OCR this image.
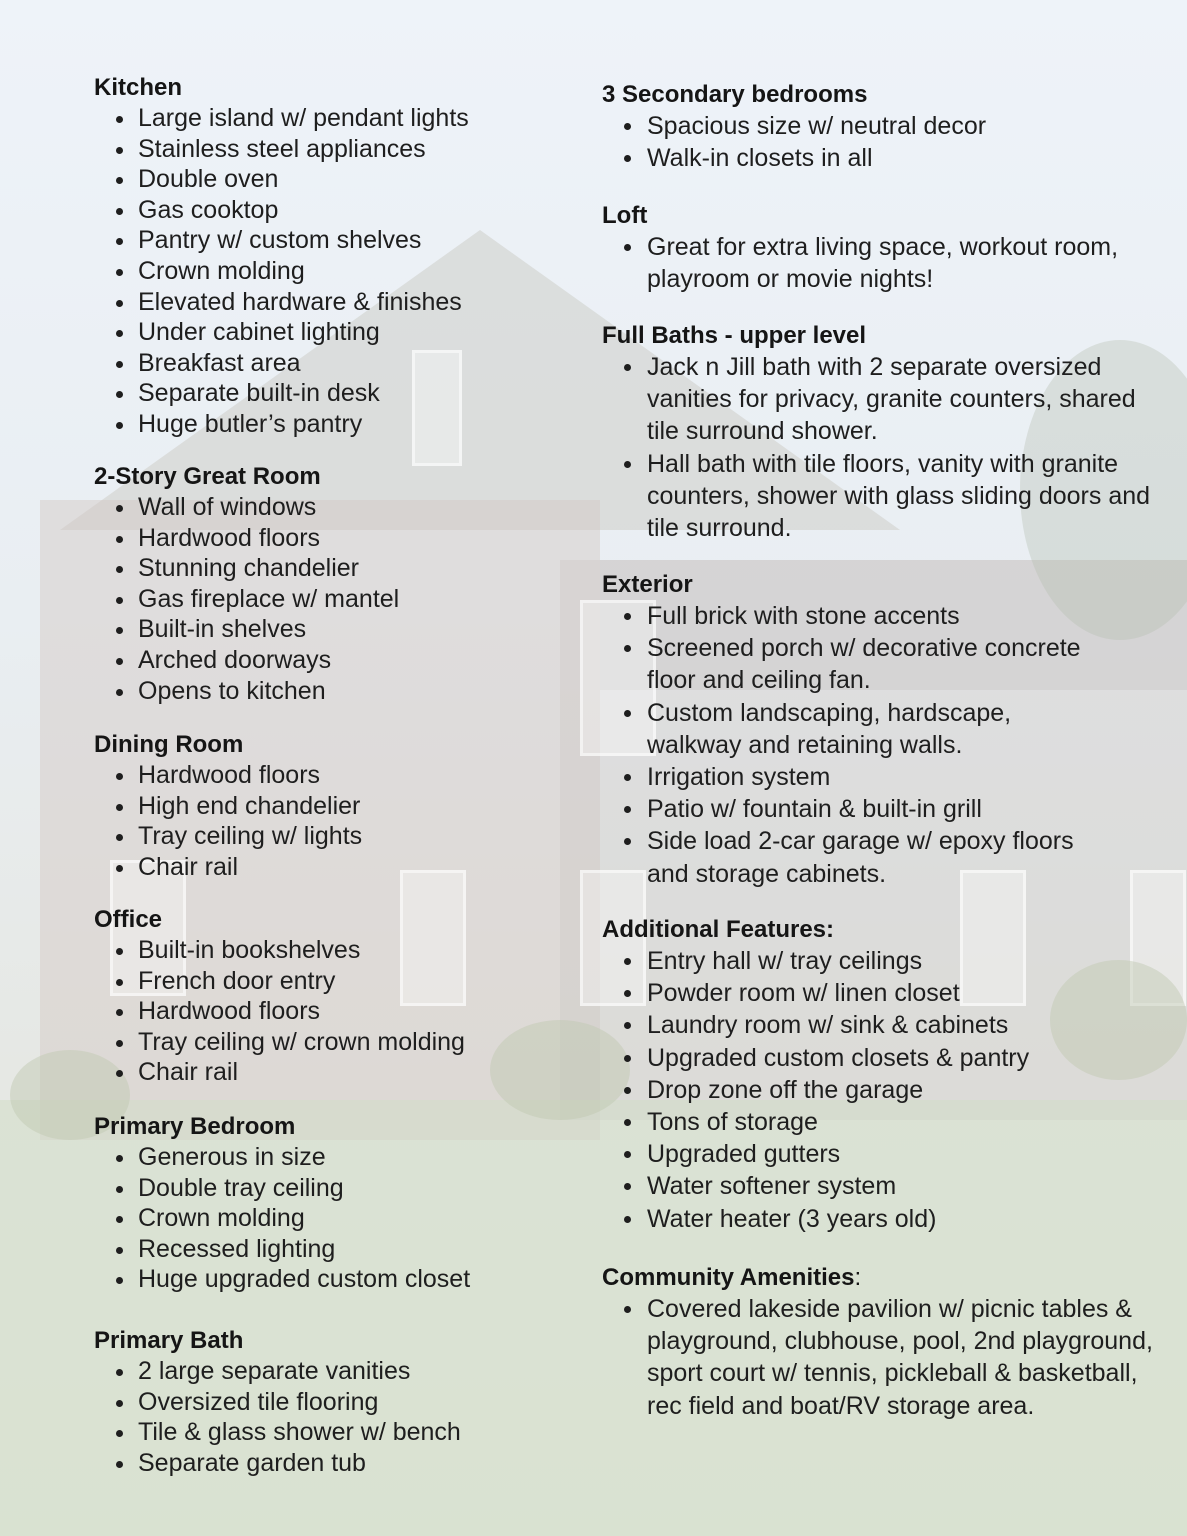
Kitchen
Large island w/ pendant lights
Stainless steel appliances
Double oven
Gas cooktop
Pantry w/ custom shelves
Crown molding
Elevated hardware & finishes
Under cabinet lighting
Breakfast area
Separate built-in desk
Huge butler’s pantry
2-Story Great Room
Wall of windows
Hardwood floors
Stunning chandelier
Gas fireplace w/ mantel
Built-in shelves
Arched doorways
Opens to kitchen
Dining Room
Hardwood floors
High end chandelier
Tray ceiling w/ lights
Chair rail
Office
Built-in bookshelves
French door entry
Hardwood floors
Tray ceiling w/ crown molding
Chair rail
Primary Bedroom
Generous in size
Double tray ceiling
Crown molding
Recessed lighting
Huge upgraded custom closet
Primary Bath
2 large separate vanities
Oversized tile flooring
Tile & glass shower w/ bench
Separate garden tub
3 Secondary bedrooms
Spacious size w/ neutral decor
Walk-in closets in all
Loft
Great for extra living space, workout room, playroom or movie nights!
Full Baths - upper level
Jack n Jill bath with 2 separate oversized vanities for privacy, granite counters, shared tile surround shower.
Hall bath with tile floors, vanity with granite counters, shower with glass sliding doors and tile surround.
Exterior
Full brick with stone accents
Screened porch w/ decorative concrete floor and ceiling fan.
Custom landscaping, hardscape, walkway and retaining walls.
Irrigation system
Patio w/ fountain & built-in grill
Side load 2-car garage w/ epoxy floors and storage cabinets.
Additional Features:
Entry hall w/ tray ceilings
Powder room w/ linen closet
Laundry room w/ sink & cabinets
Upgraded custom closets & pantry
Drop zone off the garage
Tons of storage
Upgraded gutters
Water softener system
Water heater (3 years old)
Community Amenities:
Covered lakeside pavilion w/ picnic tables & playground, clubhouse, pool, 2nd playground, sport court w/ tennis, pickleball & basketball, rec field and boat/RV storage area.
